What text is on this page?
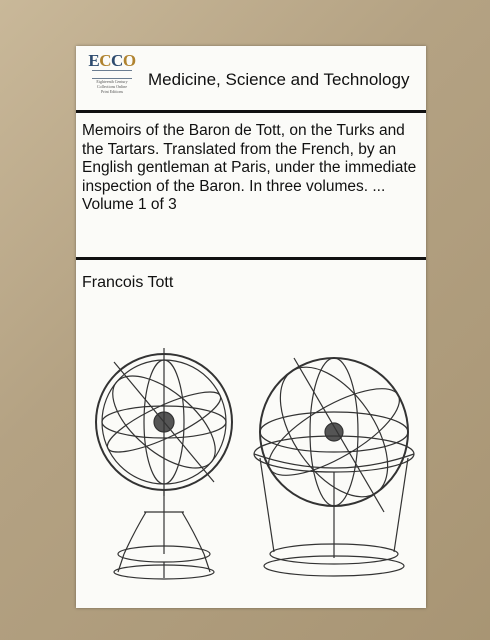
ECCO
Eighteenth Century
Collections Online
Print Editions
Medicine, Science and Technology
Memoirs of the Baron de Tott, on the Turks and the Tartars. Translated from the French, by an English gentleman at Paris, under the immediate inspection of the Baron. In three volumes. ... Volume 1 of 3
Francois Tott
